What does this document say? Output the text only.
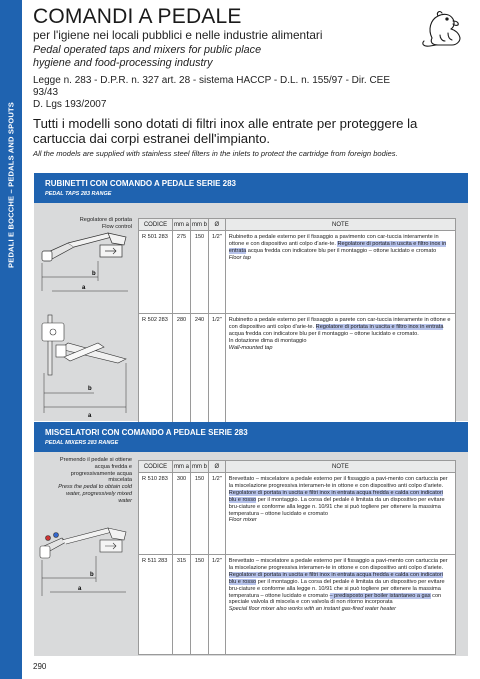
PEDALI E BOCCHE – PEDALS AND SPOUTS
COMANDI A PEDALE
per l'igiene nei locali pubblici e nelle industrie alimentari
Pedal operated taps and mixers for public place
hygiene and food-processing industry
Legge n. 283 - D.P.R. n. 327 art. 28 - sistema HACCP - D.L. n. 155/97 - Dir. CEE 93/43
D. Lgs 193/2007
Tutti i modelli sono dotati di filtri inox alle entrate per proteggere la cartuccia dai corpi estranei dell'impianto.
All the models are supplied with stainless steel filters in the inlets to protect the cartridge from foreign bodies.
RUBINETTI CON COMANDO A PEDALE SERIE 283
PEDAL TAPS 283 RANGE
Regolatore di portata
Flow control
b
a
b
a
CODICE	mm a	mm b	Ø	NOTE
R 501 283	275	150	1/2"	Rubinetto a pedale esterno per il fissaggio a pavimento con car-tuccia interamente in ottone e con dispositivo anti colpo d'arie-te. Regolatore di portata in uscita e filtro inox in entrata acqua fredda con indicatore blu per il montaggio – ottone lucidato e cromato
Floor tap

R 502 283	280	240	1/2"	Rubinetto a pedale esterno per il fissaggio a parete con car-tuccia interamente in ottone e con dispositivo anti colpo d'arie-te. Regolatore di portata in uscita e filtro inox in entrata acqua fredda con indicatore blu per il montaggio – ottone lucidato e cromato.
In dotazione dima di montaggio
Wall-mounted tap
MISCELATORI CON COMANDO A PEDALE SERIE 283
PEDAL MIXERS 283 RANGE
Premendo il pedale si ottiene acqua fredda e progressivamente acqua miscelata
Press the pedal to obtain cold water, progressively mixed water
b
a
CODICE	mm a	mm b	Ø	NOTE
R 510 283	300	150	1/2"	Brevettato – miscelatore a pedale esterno per il fissaggio a pavi-mento con cartuccia per la miscelazione progressiva interamen-te in ottone e con dispositivo anti colpo d'ariete. Regolatore di portata in uscita e filtri inox in entrata acqua fredda e calda con indicatori blu e rosso per il montaggio. La corsa del pedale è limitata da un dispositivo per evitare bru-ciature e conforme alla legge n. 10/91 che si può togliere per ottenere la massima temperatura – ottone lucidato e cromato
Floor mixer

R 511 283	315	150	1/2"	Brevettato – miscelatore a pedale esterno per il fissaggio a pavi-mento con cartuccia per la miscelazione progressiva interamen-te in ottone e con dispositivo anti colpo d'ariete. Regolatore di portata in uscita e filtri inox in entrata acqua fredda e calda con indicatori blu e rosso per il montaggio. La corsa del pedale è limitata da un dispositivo per evitare bru-ciature e conforme alla legge n. 10/91 che si può togliere per ottenere la massima temperatura – ottone lucidato e cromato – predisposto per boiler istantaneo a gas con speciale valvola di miscela e con valvola di non ritorno incorporata
Special floor mixer also works with an instant gas-fired water heater
290
